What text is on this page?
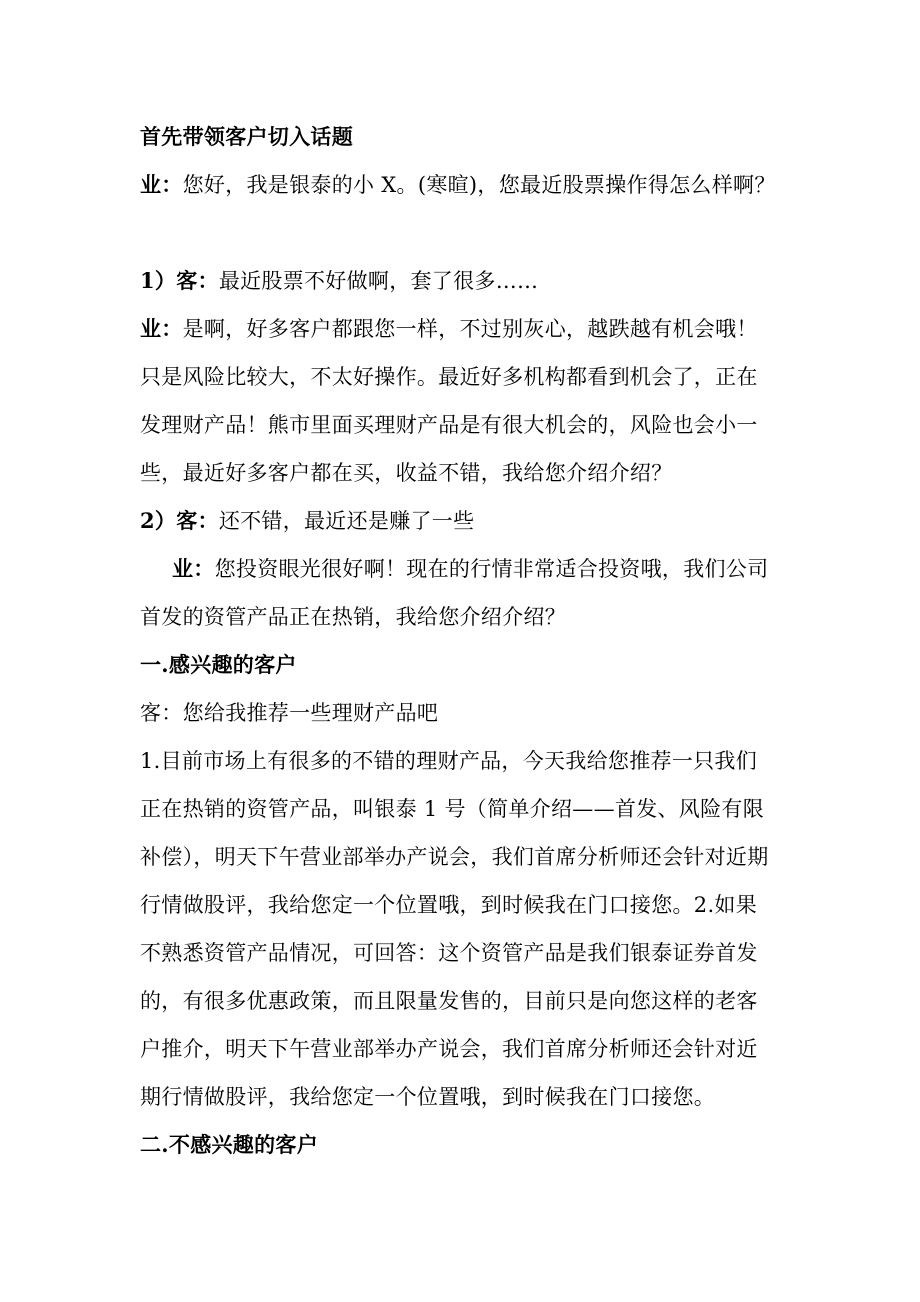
首先带领客户切入话题
业：您好，我是银泰的小 X。(寒暄)，您最近股票操作得怎么样啊？
1）客：最近股票不好做啊，套了很多……
业：是啊，好多客户都跟您一样，不过别灰心，越跌越有机会哦！
只是风险比较大，不太好操作。最近好多机构都看到机会了，正在
发理财产品！熊市里面买理财产品是有很大机会的，风险也会小一
些，最近好多客户都在买，收益不错，我给您介绍介绍？
2）客：还不错，最近还是赚了一些
业：您投资眼光很好啊！现在的行情非常适合投资哦，我们公司
首发的资管产品正在热销，我给您介绍介绍？
一.感兴趣的客户
客：您给我推荐一些理财产品吧
1.目前市场上有很多的不错的理财产品，今天我给您推荐一只我们
正在热销的资管产品，叫银泰 1 号（简单介绍——首发、风险有限
补偿），明天下午营业部举办产说会，我们首席分析师还会针对近期
行情做股评，我给您定一个位置哦，到时候我在门口接您。2.如果
不熟悉资管产品情况，可回答：这个资管产品是我们银泰证券首发
的，有很多优惠政策，而且限量发售的，目前只是向您这样的老客
户推介，明天下午营业部举办产说会，我们首席分析师还会针对近
期行情做股评，我给您定一个位置哦，到时候我在门口接您。
二.不感兴趣的客户
